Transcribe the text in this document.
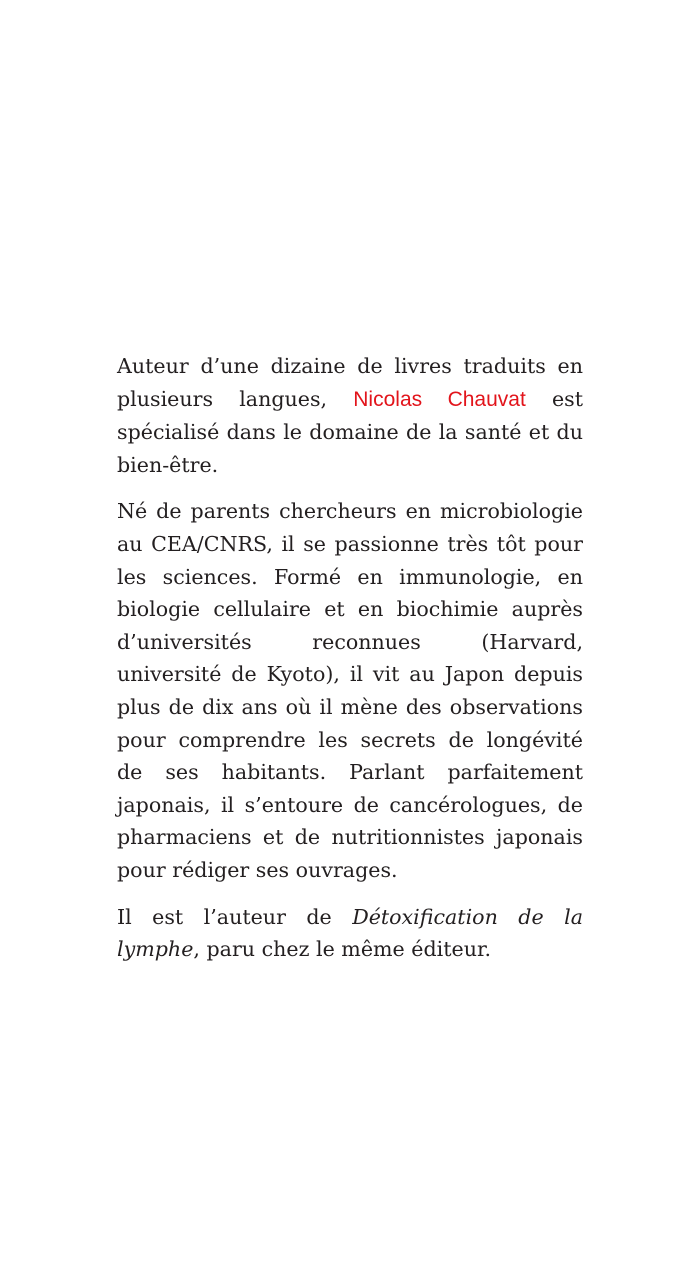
Auteur d’une dizaine de livres traduits en plusieurs langues, Nicolas Chauvat est spécialisé dans le domaine de la santé et du bien-être.

Né de parents chercheurs en microbiologie au CEA/CNRS, il se passionne très tôt pour les sciences. Formé en immunologie, en biologie cellulaire et en biochimie auprès d’universités reconnues (Harvard, université de Kyoto), il vit au Japon depuis plus de dix ans où il mène des observations pour comprendre les secrets de longévité de ses habitants. Parlant parfaitement japonais, il s’entoure de cancérologues, de pharmaciens et de nutritionnistes japonais pour rédiger ses ouvrages.

Il est l’auteur de Détoxification de la lymphe, paru chez le même éditeur.
